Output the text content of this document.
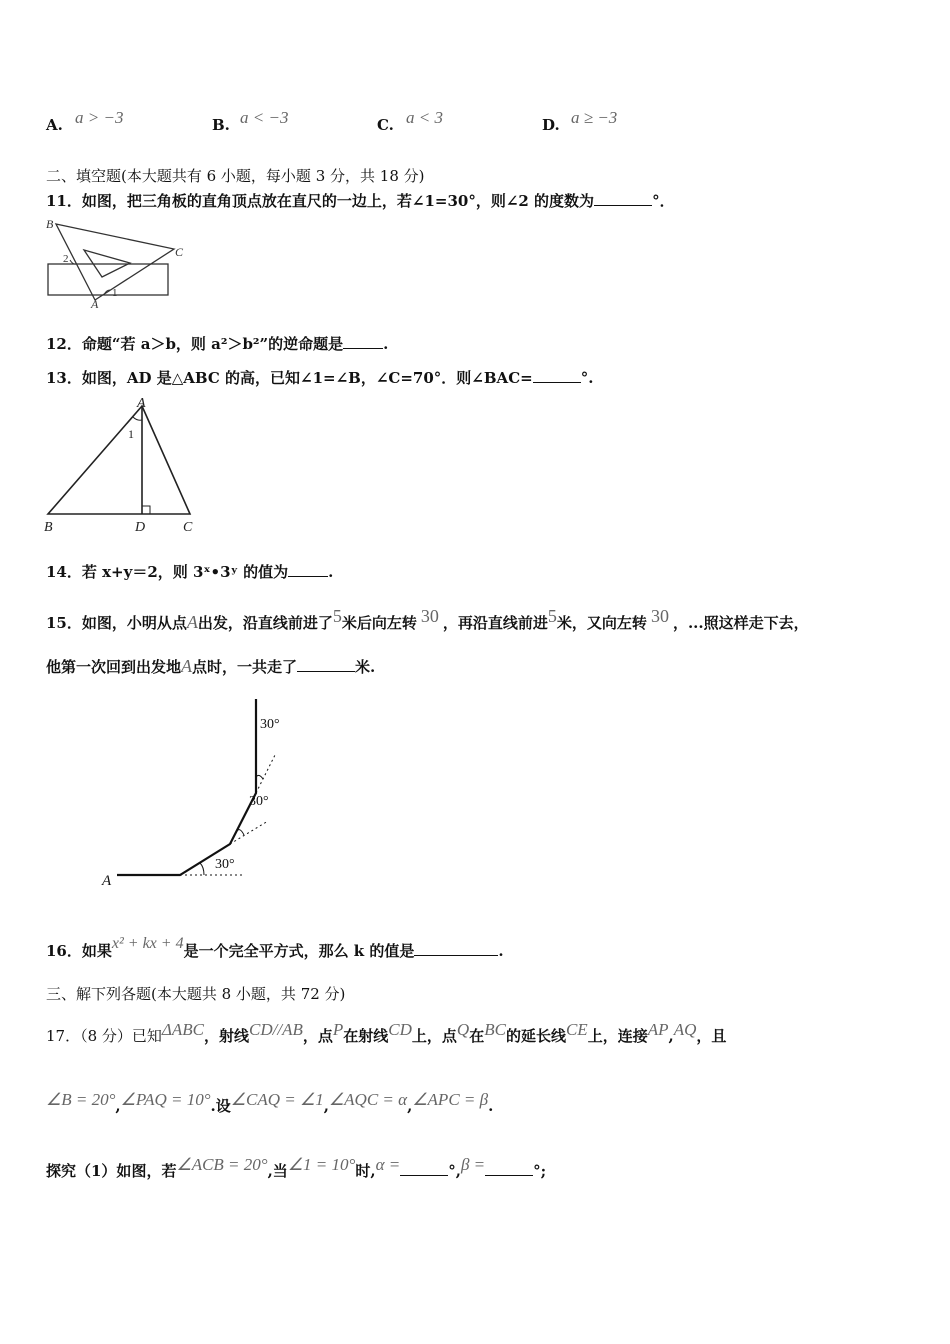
A. a > −3	B. a < −3	C. a < 3	D. a ≥ −3
二、填空题(本大题共有 6 小题，每小题 3 分，共 18 分)
11．如图，把三角板的直角顶点放在直尺的一边上，若∠1=30°，则∠2 的度数为	°．
B
C
A
1
2
12．命题“若 a＞b，则 a²＞b²”的逆命题是	.
13．如图，AD 是△ABC 的高，已知∠1=∠B，∠C=70°．则∠BAC=	°.
A
B	D	C
1
14．若 x+y＝2，则 3ˣ•3ʸ 的值为	.
15．如图，小明从点A出发，沿直线前进了5米后向左转 30 ，再沿直线前进5米，又向左转 30 ，...照这样走下去，
他第一次回到出发地A点时，一共走了	米.
A
30°
30°
30°
16．如果x² + kx + 4是一个完全平方式，那么 k 的值是	.
三、解下列各题(本大题共 8 小题，共 72 分)
17．（8 分）已知ΔABC，射线CD//AB，点P在射线CD上，点Q在BC的延长线CE上，连接AP,AQ，且
∠B = 20°,∠PAQ = 10°.设∠CAQ = ∠1,∠AQC = α,∠APC = β.
探究（1）如图，若∠ACB = 20°,当∠1 = 10°时,α =	°,β =	°;
